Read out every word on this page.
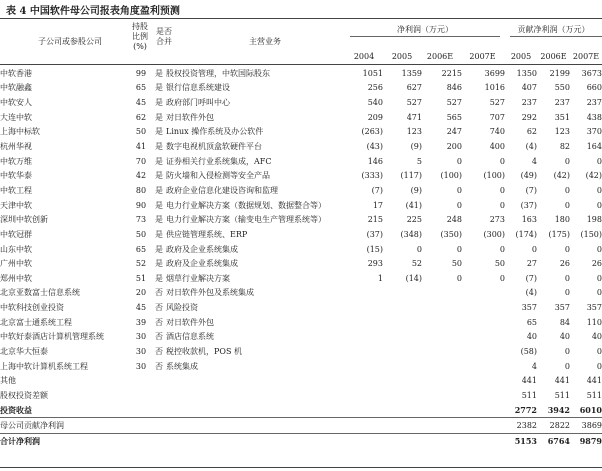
表 4 中国软件母公司报表角度盈利预测
子公司或参股公司
持股
比例
(%)
是否
合并	主营业务
净利润（万元）	贡献净利润（万元）
2004	2005	2006E	2007E	2005	2006E 2007E
中软香港	99	是	股权投资管理，中软国际股东	1051	1359	2215	3699	1350	2199	3673
中软融鑫	65	是	银行信息系统建设	256	627	846	1016	407	550	660
中软安人	45	是	政府部门呼叫中心	540	527	527	527	237	237	237
大连中软	62	是	对日软件外包	209	471	565	707	292	351	438
上海中标软	50	是	Linux 操作系统及办公软件	(263)	123	247	740	62	123	370
杭州华视	41	是	数字电视机顶盒软硬件平台	(43)	(9)	200	400	(4)	82	164
中软万维	70	是	证券相关行业系统集成，AFC	146	5	0	0	4	0	0
中软华泰	42	是	防火墙和入侵检测等安全产品	(333)	(117)	(100)	(100)	(49)	(42)	(42)
中软工程	80	是	政府企业信息化建设咨询和监理	(7)	(9)	0	0	(7)	0	0
天津中软	90	是	电力行业解决方案（数据规划、数据整合等）	17	(41)	0	0	(37)	0	0
深圳中软创新	73	是	电力行业解决方案（输变电生产管理系统等）	215	225	248	273	163	180	198
中软冠群	50	是	供应链管理系统、ERP	(37)	(348)	(350)	(300)	(174)	(175)	(150)
山东中软	65	是	政府及企业系统集成	(15)	0	0	0	0	0	0
广州中软	52	是	政府及企业系统集成	293	52	50	50	27	26	26
郑州中软	51	是	烟草行业解决方案	1	(14)	0	0	(7)	0	0
北京亚数富士信息系统	20	否	对日软件外包及系统集成					(4)	0	0
中软科技创业投资	45	否	风险投资					357	357	357
北京富士通系统工程	39	否	对日软件外包					65	84	110
中软好泰酒店计算机管理系统	30	否	酒店信息系统					40	40	40
北京华大恒泰	30	否	税控收款机，POS 机					(58)	0	0
上海中软计算机系统工程	30	否	系统集成					4	0	0
其他								441	441	441
股权投资差额								511	511	511
投资收益								2772	3942	6010
母公司贡献净利润								2382	2822	3869
合计净利润								5153	6764	9879
